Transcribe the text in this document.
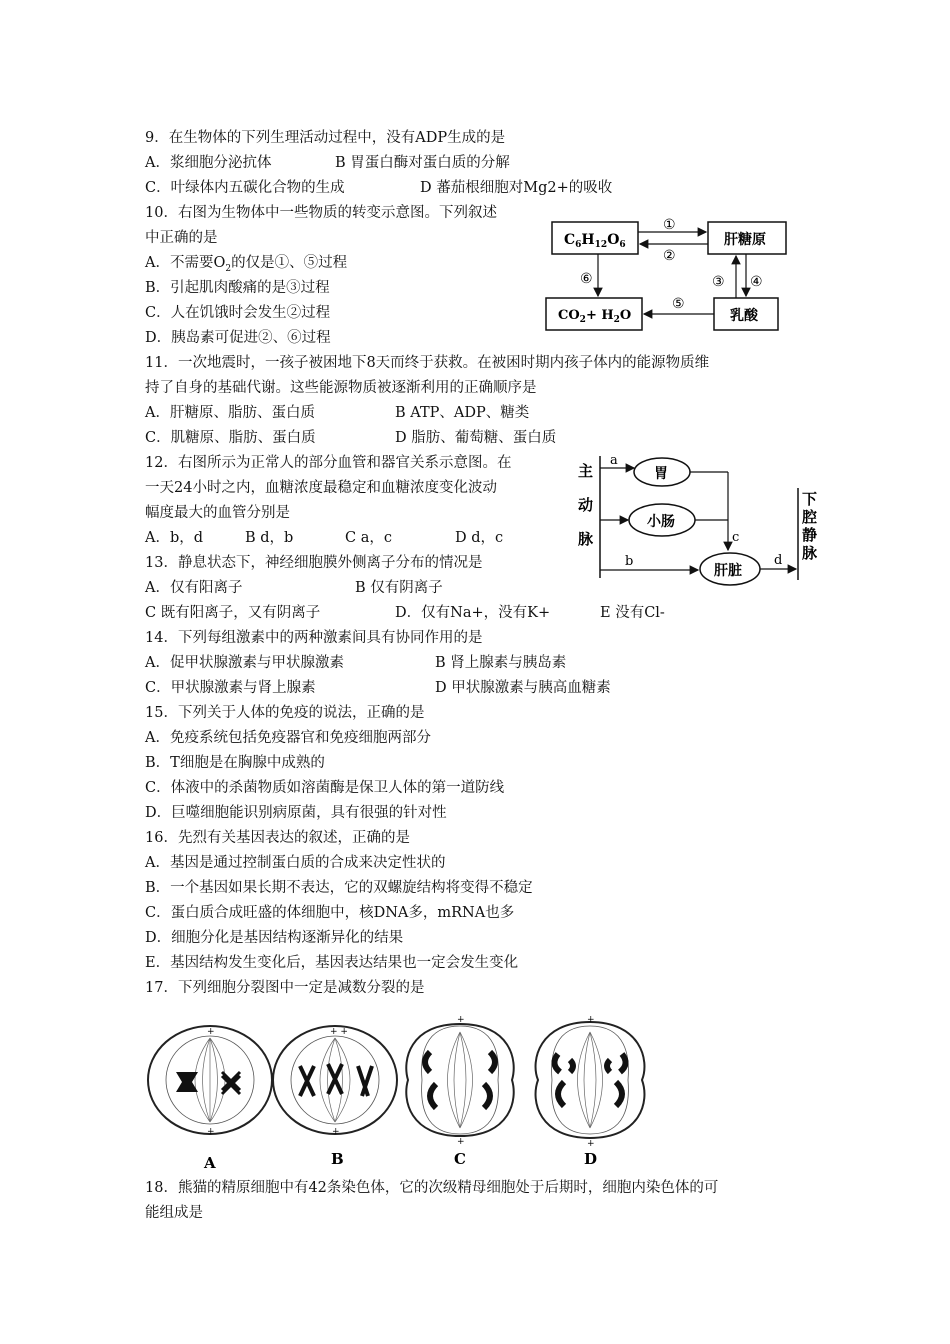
9．在生物体的下列生理活动过程中，没有ADP生成的是
A．浆细胞分泌抗体	B 胃蛋白酶对蛋白质的分解
C．叶绿体内五碳化合物的生成	D 蕃茄根细胞对Mg2+的吸收
10．右图为生物体中一些物质的转变示意图。下列叙述
中正确的是
A．不需要$O_2$的仅是①、⑤过程
B．引起肌肉酸痛的是③过程
C．人在饥饿时会发生②过程
D．胰岛素可促进②、⑥过程
$C_6H_{12}O_6$	肝糖原
$CO_2+ H_2O$	乳酸
①
②
⑥	③ ④
⑤
11．一次地震时，一孩子被困地下8天而终于获救。在被困时期内孩子体内的能源物质维
持了自身的基础代谢。这些能源物质被逐渐利用的正确顺序是
A．肝糖原、脂肪、蛋白质	B ATP、ADP、糖类
C．肌糖原、脂肪、蛋白质	D 脂肪、葡萄糖、蛋白质
12．右图所示为正常人的部分血管和器官关系示意图。在
一天24小时之内，血糖浓度最稳定和血糖浓度变化波动
幅度最大的血管分别是
A．b，d	B d，b	C a，c	D d，c
主
动
脉
a
胃
小肠
c
b
肝脏
d
下
腔
静
脉
13．静息状态下，神经细胞膜外侧离子分布的情况是
A．仅有阳离子	B 仅有阴离子
C 既有阳离子，又有阴离子	D．仅有Na+，没有K+	E 没有Cl-
14．下列每组激素中的两种激素间具有协同作用的是
A．促甲状腺激素与甲状腺激素	B 肾上腺素与胰岛素
C．甲状腺激素与肾上腺素	D 甲状腺激素与胰高血糖素
15．下列关于人体的免疫的说法，正确的是
A．免疫系统包括免疫器官和免疫细胞两部分
B．T细胞是在胸腺中成熟的
C．体液中的杀菌物质如溶菌酶是保卫人体的第一道防线
D．巨噬细胞能识别病原菌，具有很强的针对性
16．先烈有关基因表达的叙述，正确的是
A．基因是通过控制蛋白质的合成来决定性状的
B．一个基因如果长期不表达，它的双螺旋结构将变得不稳定
C．蛋白质合成旺盛的体细胞中，核DNA多，mRNA也多
D．细胞分化是基因结构逐渐异化的结果
E．基因结构发生变化后，基因表达结果也一定会发生变化
17．下列细胞分裂图中一定是减数分裂的是
+
+
+ +
+
+
+
+
+
A	B	C	D
18．熊猫的精原细胞中有42条染色体，它的次级精母细胞处于后期时，细胞内染色体的可
能组成是
